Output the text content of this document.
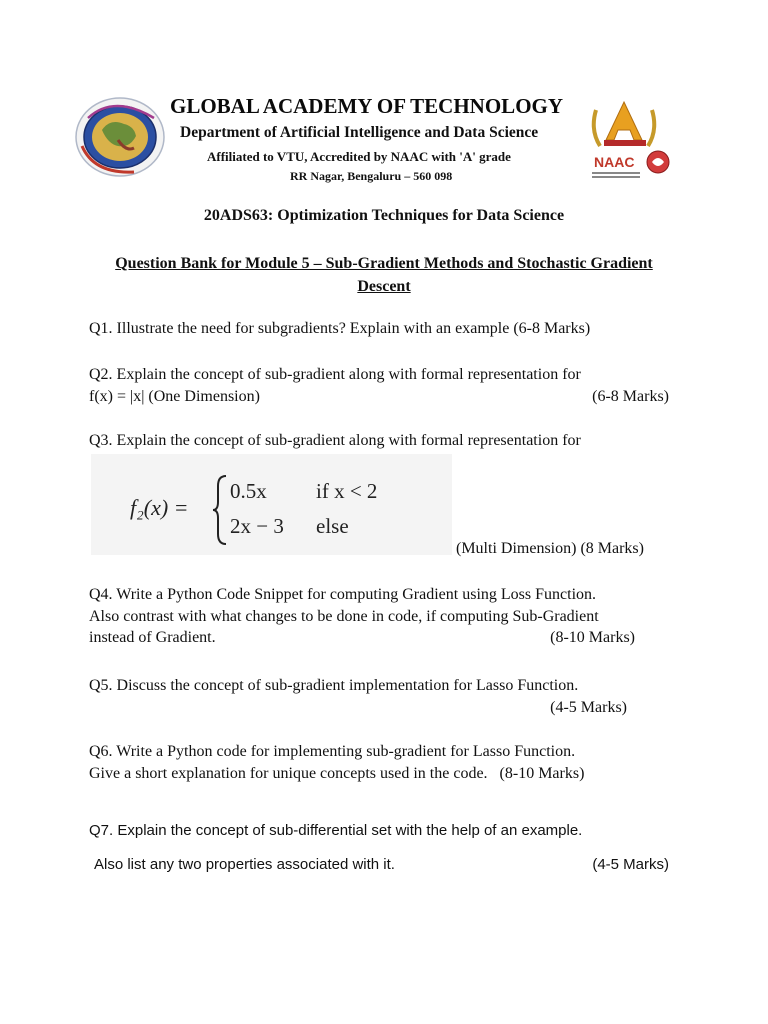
NAAC
GLOBAL ACADEMY OF TECHNOLOGY
Department of Artificial Intelligence and Data Science
Affiliated to VTU, Accredited by NAAC with 'A' grade
RR Nagar, Bengaluru – 560 098
20ADS63: Optimization Techniques for Data Science
Question Bank for Module 5 – Sub-Gradient Methods and Stochastic Gradient Descent
Q1. Illustrate the need for subgradients? Explain with an example (6-8 Marks)
Q2. Explain the concept of sub-gradient along with formal representation for
f(x) = |x| (One Dimension)	(6-8 Marks)
Q3. Explain the concept of sub-gradient along with formal representation for
f₂(x) =
0.5x if x < 2
2x − 3 else
(Multi Dimension) (8 Marks)
Q4. Write a Python Code Snippet for computing Gradient using Loss Function.
Also contrast with what changes to be done in code, if computing Sub-Gradient
instead of Gradient.	(8-10 Marks)
Q5. Discuss the concept of sub-gradient implementation for Lasso Function.
(4-5 Marks)
Q6. Write a Python code for implementing sub-gradient for Lasso Function.
Give a short explanation for unique concepts used in the code. (8-10 Marks)
Q7. Explain the concept of sub-differential set with the help of an example.
Also list any two properties associated with it.	(4-5 Marks)
